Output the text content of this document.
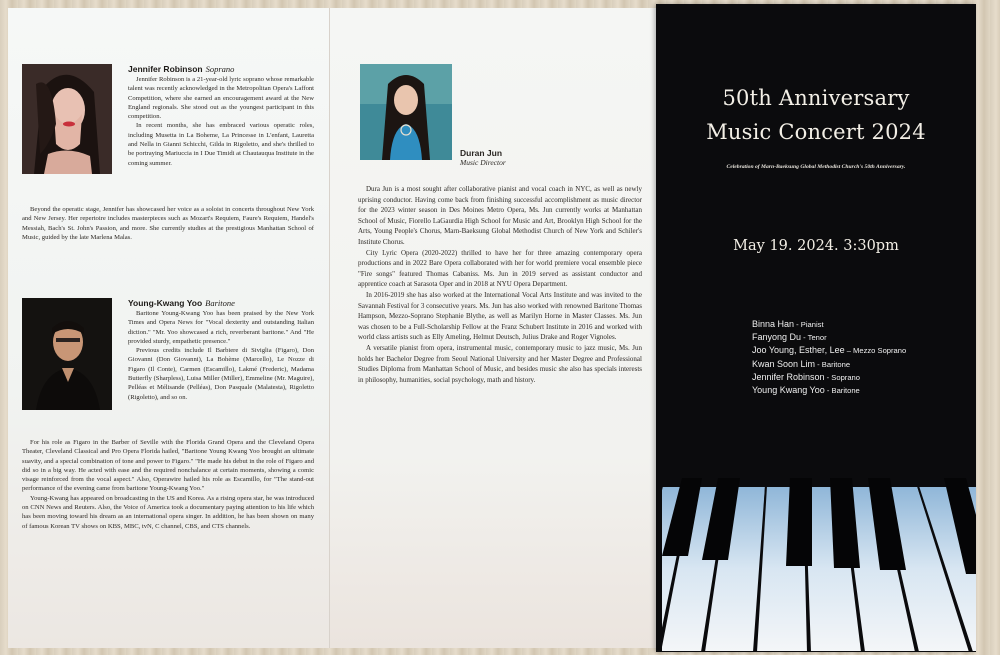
Jennifer Robinson Soprano

Jennifer Robinson is a 21-year-old lyric soprano whose remarkable talent was recently acknowledged in the Metropolitan Opera's Laffont Competition, where she earned an encouragement award at the New England regionals. She stood out as the youngest participant in this competition.

In recent months, she has embraced various operatic roles, including Musetta in La Boheme, La Princesse in L'enfant, Lauretta and Nella in Gianni Schicchi, Gilda in Rigoletto, and she's thrilled to be portraying Mariuccia in I Due Timidi at Chautauqua Institute in the coming summer.

Beyond the operatic stage, Jennifer has showcased her voice as a soloist in concerts throughout New York and New Jersey. Her repertoire includes masterpieces such as Mozart's Requiem, Faure's Requiem, Handel's Messiah, Bach's St. John's Passion, and more. She currently studies at the prestigious Manhattan School of Music, guided by the late Marlena Malas.

Young-Kwang Yoo Baritone

Baritone Young-Kwang Yoo has been praised by the New York Times and Opera News for "Vocal dexterity and outstanding Italian diction." "Mr. Yoo showcased a rich, reverberant baritone." And "He provided sturdy, empathetic presence."

Previous credits include Il Barbiere di Siviglia (Figaro), Don Giovanni (Don Giovanni), La Bohème (Marcello), Le Nozze di Figaro (Il Conte), Carmen (Escamillo), Lakmé (Frederic), Madama Butterfly (Sharpless), Luisa Miller (Miller), Emmeline (Mr. Maguire), Pelléas et Mélisande (Pelléas), Don Pasquale (Malatesta), Rigoletto (Rigoletto), and so on.

For his role as Figaro in the Barber of Seville with the Florida Grand Opera and the Cleveland Opera Theater, Cleveland Classical and Pro Opera Florida hailed, "Baritone Young Kwang Yoo brought an ultimate suavity, and a special combination of tone and power to Figaro." "He made his debut in the role of Figaro and did so in a big way. He acted with ease and the required nonchalance at certain moments, showing a comic visage reinforced from the vocal aspect." Also, Operawire hailed his role as Escamillo, for "The stand-out performance of the evening came from baritone Young-Kwang Yoo."

Young-Kwang has appeared on broadcasting in the US and Korea. As a rising opera star, he was introduced on CNN News and Reuters. Also, the Voice of America took a documentary paying attention to his life which has been moving toward his dream as an international opera singer. In addition, he has been shown on many of famous Korean TV shows on KBS, MBC, tvN, C channel, CBS, and CTS channels.

Duran Jun
Music Director

Dura Jun is a most sought after collaborative pianist and vocal coach in NYC, as well as newly uprising conductor. Having come back from finishing successful accomplishment as music director for the 2023 winter season in Des Moines Metro Opera, Ms. Jun currently works at Manhattan School of Music, Fiorello LaGaurdia High School for Music and Art, Brooklyn High School for the Arts, Young People's Chorus, Marn-Baeksung Global Methodist Church of New York and Schiler's Institute Chorus.

City Lyric Opera (2020-2022) thrilled to have her for three amazing contemporary opera productions and in 2022 Bare Opera collaborated with her for world premiere vocal ensemble piece "Fire songs" featured Thomas Cabaniss. Ms. Jun in 2019 served as assistant conductor and apprentice coach at Sarasota Oper and in 2018 at NYU Opera Department.

In 2016-2019 she has also worked at the International Vocal Arts Institute and was invited to the Savannah Festival for 3 consecutive years. Ms. Jun has also worked with renowned Baritone Thomas Hampson, Mezzo-Soprano Stephanie Blythe, as well as Marilyn Horne in Master Classes. Ms. Jun was chosen to be a Full-Scholarship Fellow at the Franz Schubert Institute in 2016 and worked with world class artists such as Elly Ameling, Helmut Deutsch, Julius Drake and Roger Vignoles.

A versatile pianist from opera, instrumental music, contemporary music to jazz music, Ms. Jun holds her Bachelor Degree from Seoul National University and her Master Degree and Professional Studies Diploma from Manhattan School of Music, and besides music she also has specials interests in philosophy, humanities, social psychology, math and history.

50th Anniversary
Music Concert 2024
Celebration of Marn-Baeksung Global Methodist Church's 50th Anniversary.
May 19. 2024. 3:30pm
Binna Han - Pianist
Fanyong Du - Tenor
Joo Young, Esther, Lee – Mezzo Soprano
Kwan Soon Lim - Baritone
Jennifer Robinson - Soprano
Young Kwang Yoo - Baritone
